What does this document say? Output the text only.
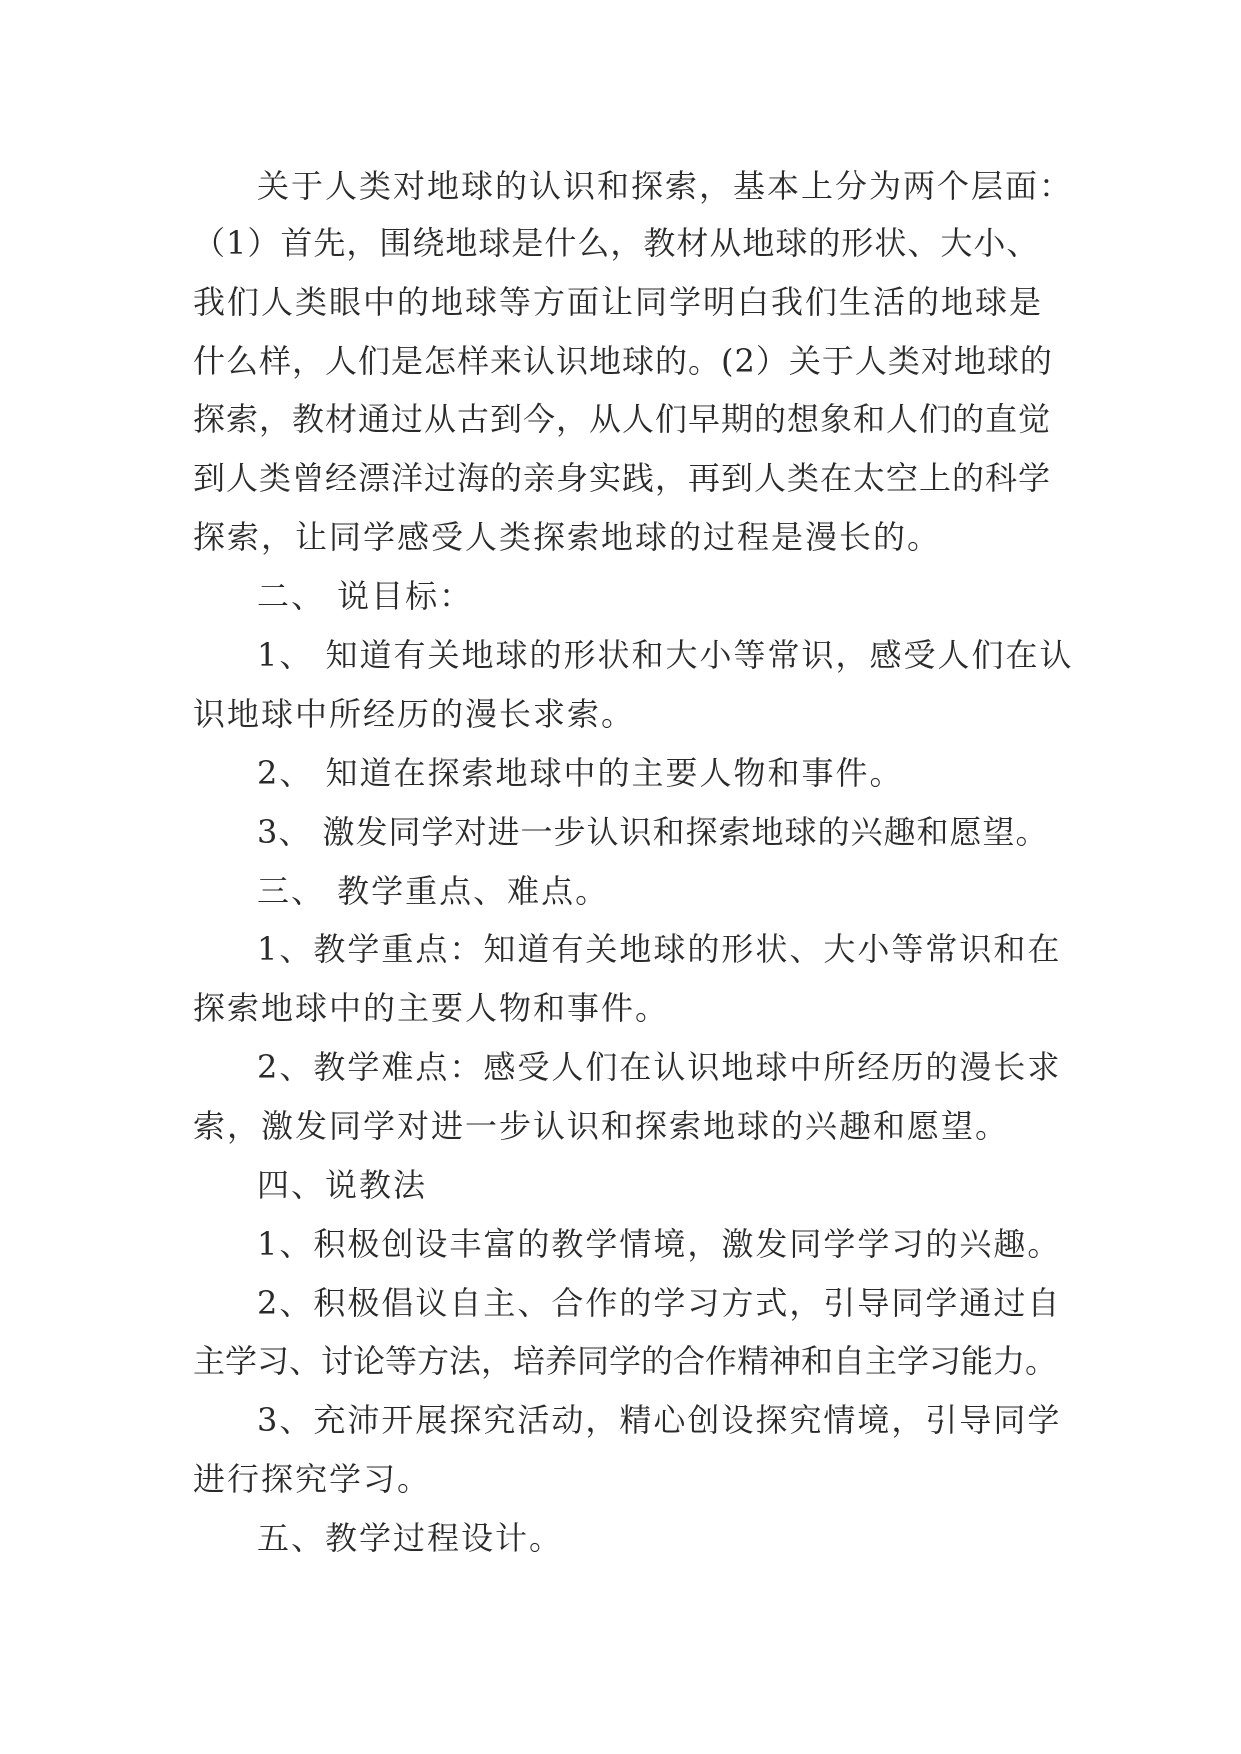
关于人类对地球的认识和探索，基本上分为两个层面：

（1）首先，围绕地球是什么，教材从地球的形状、大小、

我们人类眼中的地球等方面让同学明白我们生活的地球是

什么样，人们是怎样来认识地球的。(2）关于人类对地球的

探索，教材通过从古到今，从人们早期的想象和人们的直觉

到人类曾经漂洋过海的亲身实践，再到人类在太空上的科学

探索，让同学感受人类探索地球的过程是漫长的。

二、 说目标：

1、 知道有关地球的形状和大小等常识，感受人们在认

识地球中所经历的漫长求索。

2、 知道在探索地球中的主要人物和事件。

3、 激发同学对进一步认识和探索地球的兴趣和愿望。

三、 教学重点、难点。

1、教学重点：知道有关地球的形状、大小等常识和在

探索地球中的主要人物和事件。

2、教学难点：感受人们在认识地球中所经历的漫长求

索，激发同学对进一步认识和探索地球的兴趣和愿望。

四、说教法

1、积极创设丰富的教学情境，激发同学学习的兴趣。

2、积极倡议自主、合作的学习方式，引导同学通过自

主学习、讨论等方法，培养同学的合作精神和自主学习能力。

3、充沛开展探究活动，精心创设探究情境，引导同学

进行探究学习。

五、教学过程设计。
